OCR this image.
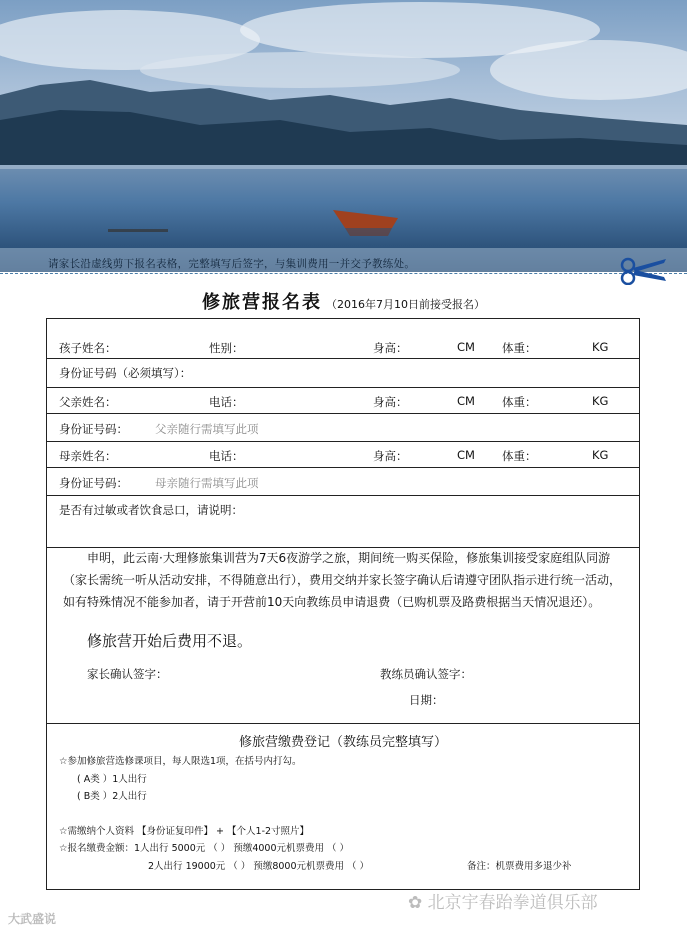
请家长沿虚线剪下报名表格，完整填写后签字，与集训费用一并交予教练处。
修旅营报名表 （2016年7月10日前接受报名）
孩子姓名：	性别：	身高：	CM 体重：	KG
身份证号码（必须填写）：
父亲姓名：	电话：	身高：	CM 体重：	KG
身份证号码： 父亲随行需填写此项
母亲姓名：	电话：	身高：	CM 体重：	KG
身份证号码： 母亲随行需填写此项
是否有过敏或者饮食忌口，请说明：
申明，此云南·大理修旅集训营为7天6夜游学之旅，期间统一购买保险，修旅集训接受家庭组队同游（家长需统一听从活动安排，不得随意出行），费用交纳并家长签字确认后请遵守团队指示进行统一活动，如有特殊情况不能参加者，请于开营前10天向教练员申请退费（已购机票及路费根据当天情况退还）。
修旅营开始后费用不退。
家长确认签字：	教练员确认签字：
日期：
修旅营缴费登记（教练员完整填写）
☆参加修旅营选修课项目，每人限选1项，在括号内打勾。
( A类 ）1人出行
( B类 ）2人出行
☆需缴纳个人资料 【身份证复印件】 + 【个人1-2寸照片】
☆报名缴费金额：1人出行 5000元 （ ） 预缴4000元机票费用 （ ）
2人出行 19000元 （ ） 预缴8000元机票费用 （ ）	备注：机票费用多退少补
大武盛说
✿ 北京宇春跆拳道俱乐部
